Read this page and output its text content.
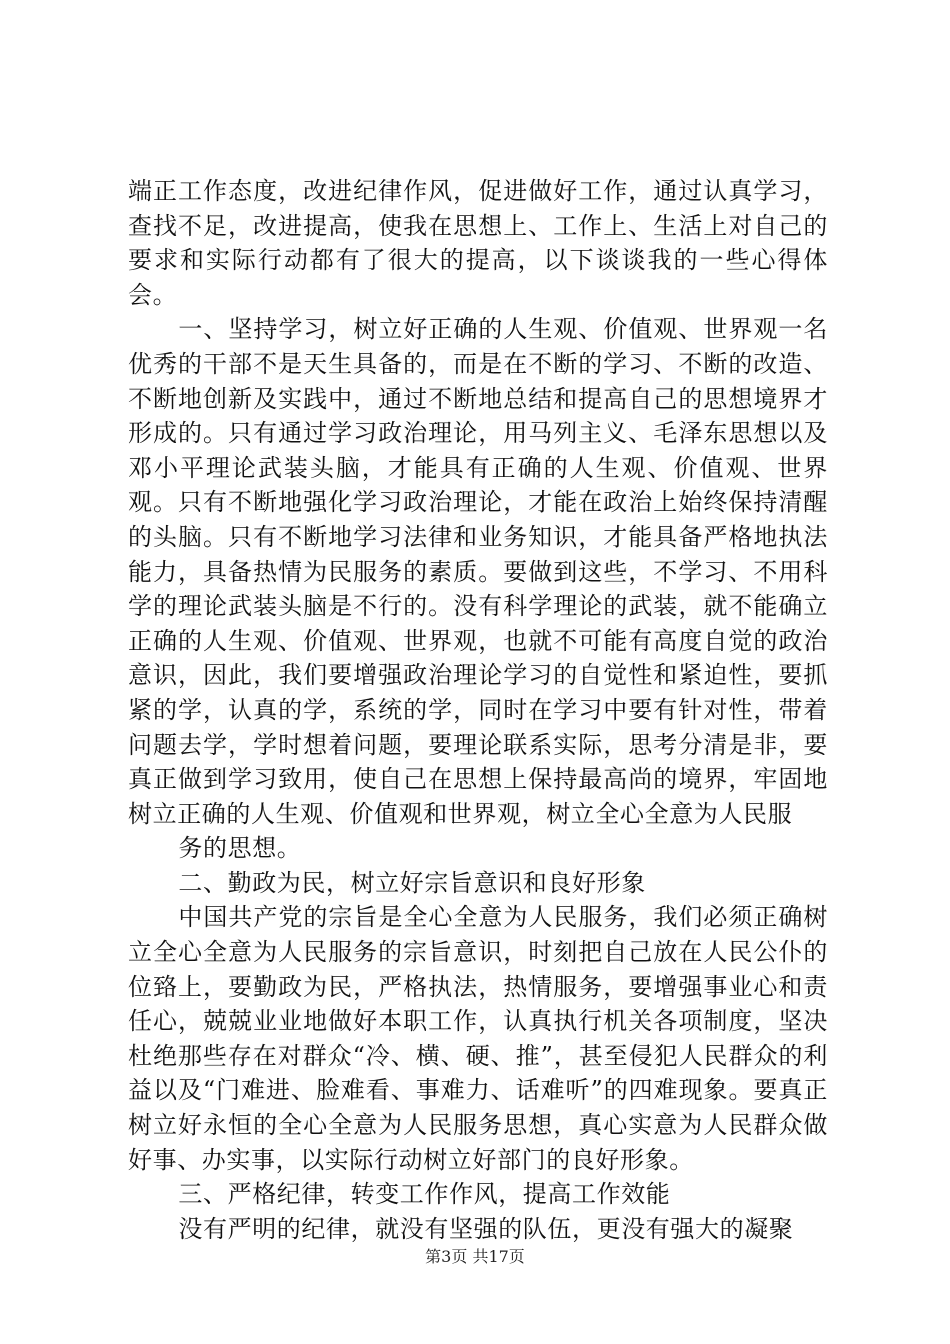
端正工作态度，改进纪律作风，促进做好工作，通过认真学习，查找不足，改进提高，使我在思想上、工作上、生活上对自己的要求和实际行动都有了很大的提高，以下谈谈我的一些心得体会。

一、坚持学习，树立好正确的人生观、价值观、世界观一名优秀的干部不是天生具备的，而是在不断的学习、不断的改造、不断地创新及实践中，通过不断地总结和提高自己的思想境界才形成的。只有通过学习政治理论，用马列主义、毛泽东思想以及邓小平理论武装头脑，才能具有正确的人生观、价值观、世界观。只有不断地强化学习政治理论，才能在政治上始终保持清醒的头脑。只有不断地学习法律和业务知识，才能具备严格地执法能力，具备热情为民服务的素质。要做到这些，不学习、不用科学的理论武装头脑是不行的。没有科学理论的武装，就不能确立正确的人生观、价值观、世界观，也就不可能有高度自觉的政治意识，因此，我们要增强政治理论学习的自觉性和紧迫性，要抓紧的学，认真的学，系统的学，同时在学习中要有针对性，带着问题去学，学时想着问题，要理论联系实际，思考分清是非，要真正做到学习致用，使自己在思想上保持最高尚的境界，牢固地树立正确的人生观、价值观和世界观，树立全心全意为人民服

务的思想。

二、勤政为民，树立好宗旨意识和良好形象

中国共产党的宗旨是全心全意为人民服务，我们必须正确树立全心全意为人民服务的宗旨意识，时刻把自己放在人民公仆的位臵上，要勤政为民，严格执法，热情服务，要增强事业心和责任心，兢兢业业地做好本职工作，认真执行机关各项制度，坚决杜绝那些存在对群众“冷、横、硬、推”，甚至侵犯人民群众的利益以及“门难进、脸难看、事难力、话难听”的四难现象。要真正树立好永恒的全心全意为人民服务思想，真心实意为人民群众做好事、办实事，以实际行动树立好部门的良好形象。

三、严格纪律，转变工作作风，提高工作效能

没有严明的纪律，就没有坚强的队伍，更没有强大的凝聚

第3页 共17页
